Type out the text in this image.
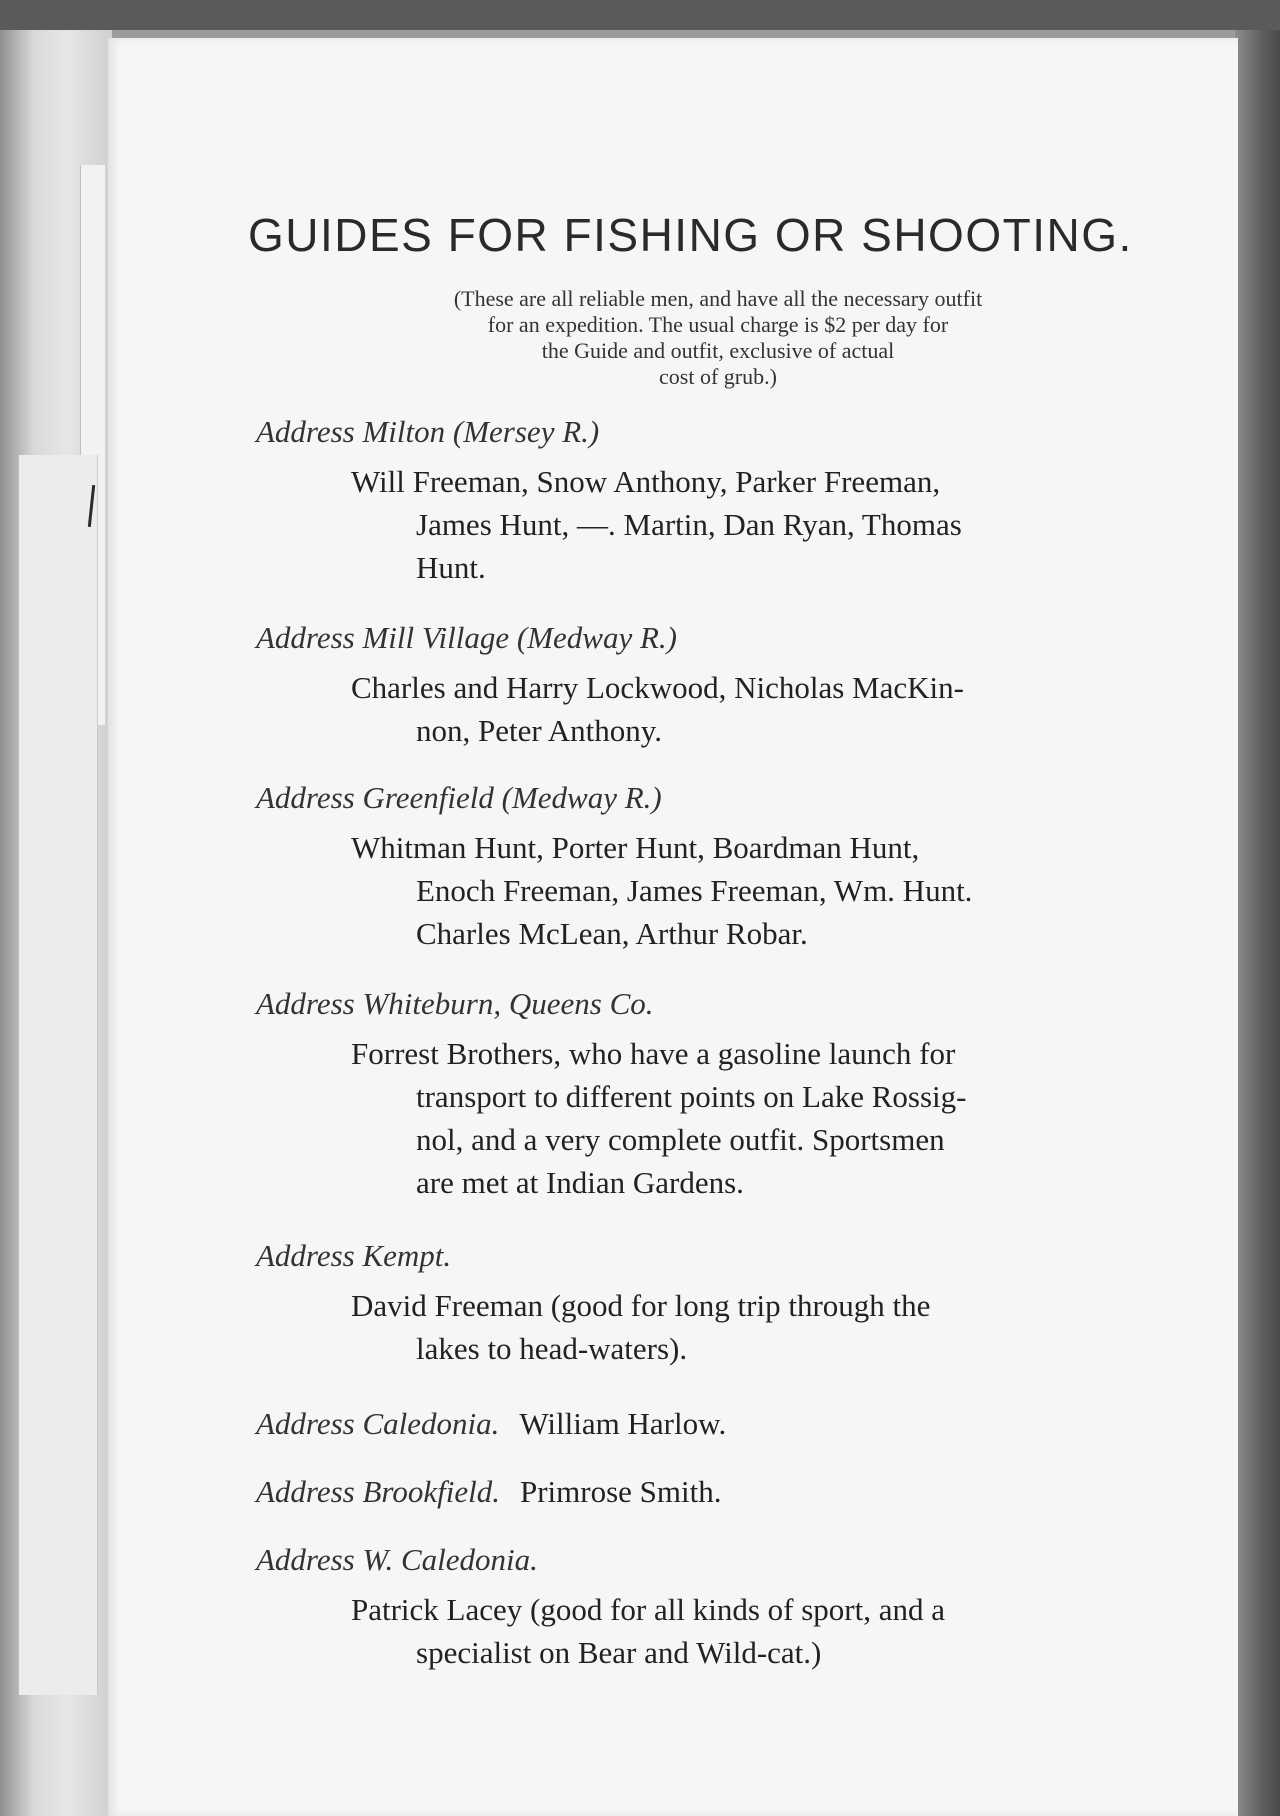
GUIDES FOR FISHING OR SHOOTING.
(These are all reliable men, and have all the necessary outfit
for an expedition. The usual charge is $2 per day for
the Guide and outfit, exclusive of actual
cost of grub.)
Address Milton (Mersey R.)
Will Freeman, Snow Anthony, Parker Freeman,
James Hunt, —. Martin, Dan Ryan, Thomas
Hunt.
Address Mill Village (Medway R.)
Charles and Harry Lockwood, Nicholas MacKin-
non, Peter Anthony.
Address Greenfield (Medway R.)
Whitman Hunt, Porter Hunt, Boardman Hunt,
Enoch Freeman, James Freeman, Wm. Hunt.
Charles McLean, Arthur Robar.
Address Whiteburn, Queens Co.
Forrest Brothers, who have a gasoline launch for
transport to different points on Lake Rossig-
nol, and a very complete outfit. Sportsmen
are met at Indian Gardens.
Address Kempt.
David Freeman (good for long trip through the
lakes to head-waters).
Address Caledonia. William Harlow.
Address Brookfield. Primrose Smith.
Address W. Caledonia.
Patrick Lacey (good for all kinds of sport, and a
specialist on Bear and Wild-cat.)
